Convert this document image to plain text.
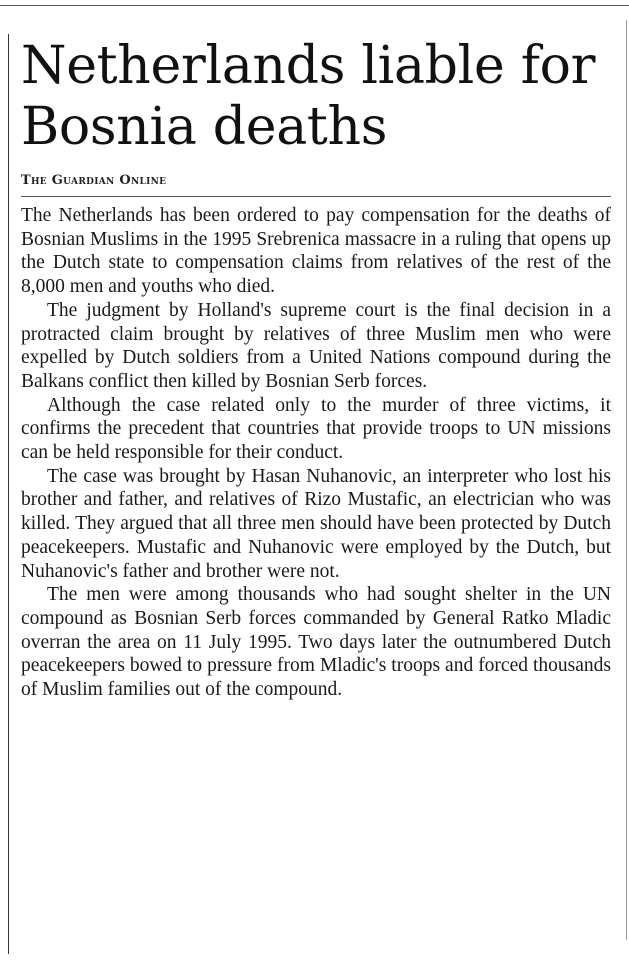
Netherlands liable for Bosnia deaths
The Guardian Online

The Netherlands has been ordered to pay compensation for the deaths of Bosnian Muslims in the 1995 Srebrenica massacre in a ruling that opens up the Dutch state to compensation claims from relatives of the rest of the 8,000 men and youths who died.

The judgment by Holland's supreme court is the final decision in a protracted claim brought by relatives of three Muslim men who were expelled by Dutch soldiers from a United Nations compound during the Balkans conflict then killed by Bosnian Serb forces.

Although the case related only to the murder of three victims, it confirms the precedent that countries that provide troops to UN missions can be held responsible for their conduct.

The case was brought by Hasan Nuhanovic, an interpreter who lost his brother and father, and relatives of Rizo Mustafic, an electrician who was killed. They argued that all three men should have been protected by Dutch peacekeepers. Mustafic and Nuhanovic were employed by the Dutch, but Nuhanovic's father and brother were not.

The men were among thousands who had sought shelter in the UN compound as Bosnian Serb forces commanded by General Ratko Mladic overran the area on 11 July 1995. Two days later the outnumbered Dutch peacekeepers bowed to pressure from Mladic's troops and forced thousands of Muslim families out of the compound.
